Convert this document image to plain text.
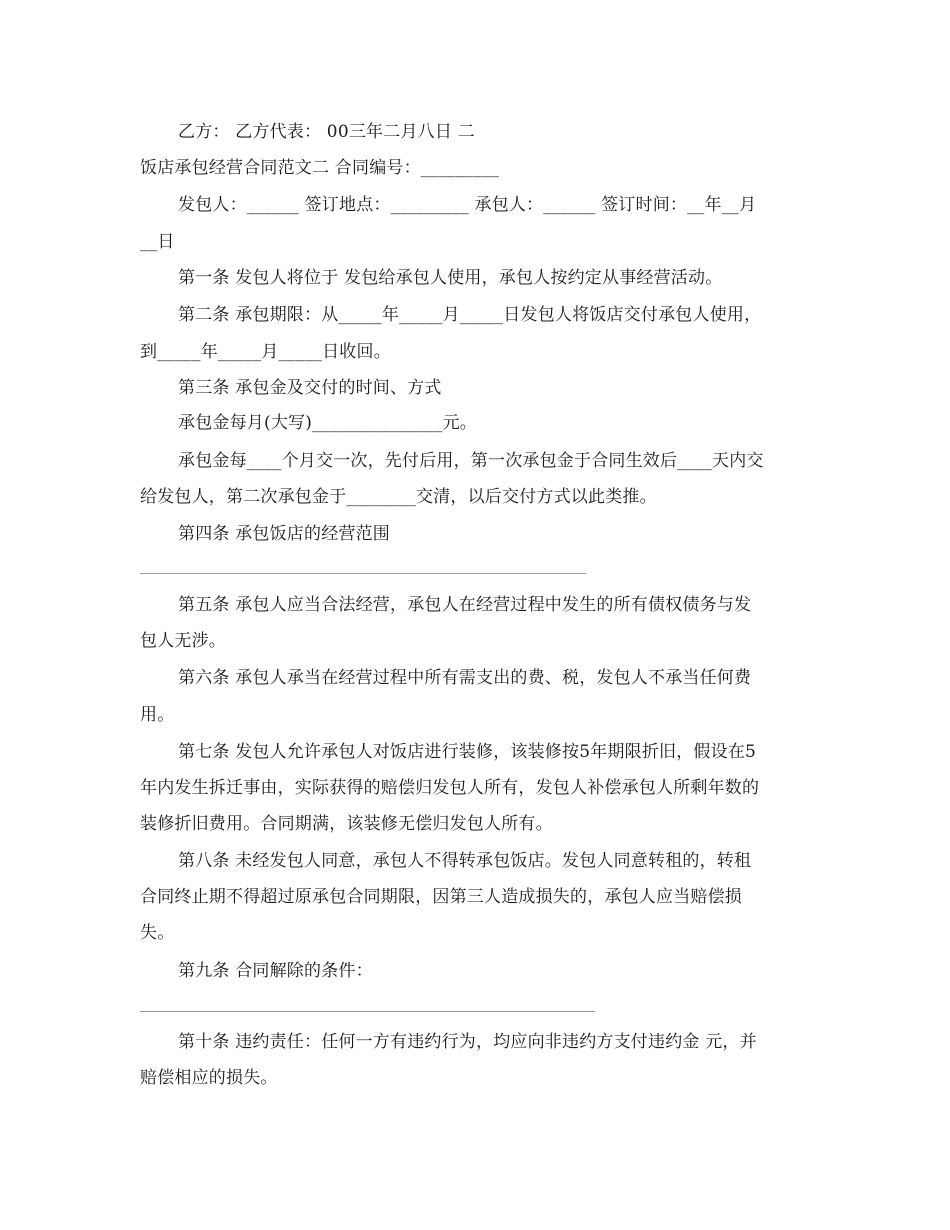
乙方： 乙方代表： 00三年二月八日 二
饭店承包经营合同范文二 合同编号：_________
发包人：______ 签订地点：_________ 承包人：______ 签订时间：__年__月
__日
第一条 发包人将位于 发包给承包人使用，承包人按约定从事经营活动。
第二条 承包期限：从_____年_____月_____日发包人将饭店交付承包人使用，
到_____年_____月_____日收回。
第三条 承包金及交付的时间、方式
承包金每月(大写)_______________元。
承包金每____个月交一次，先付后用，第一次承包金于合同生效后____天内交
给发包人，第二次承包金于________交清，以后交付方式以此类推。
第四条 承包饭店的经营范围
第五条 承包人应当合法经营，承包人在经营过程中发生的所有债权债务与发
包人无涉。
第六条 承包人承当在经营过程中所有需支出的费、税，发包人不承当任何费
用。
第七条 发包人允许承包人对饭店进行装修，该装修按5年期限折旧，假设在5
年内发生拆迁事由，实际获得的赔偿归发包人所有，发包人补偿承包人所剩年数的
装修折旧费用。合同期满，该装修无偿归发包人所有。
第八条 未经发包人同意，承包人不得转承包饭店。发包人同意转租的，转租
合同终止期不得超过原承包合同期限，因第三人造成损失的，承包人应当赔偿损
失。
第九条 合同解除的条件：
第十条 违约责任：任何一方有违约行为，均应向非违约方支付违约金 元，并
赔偿相应的损失。
